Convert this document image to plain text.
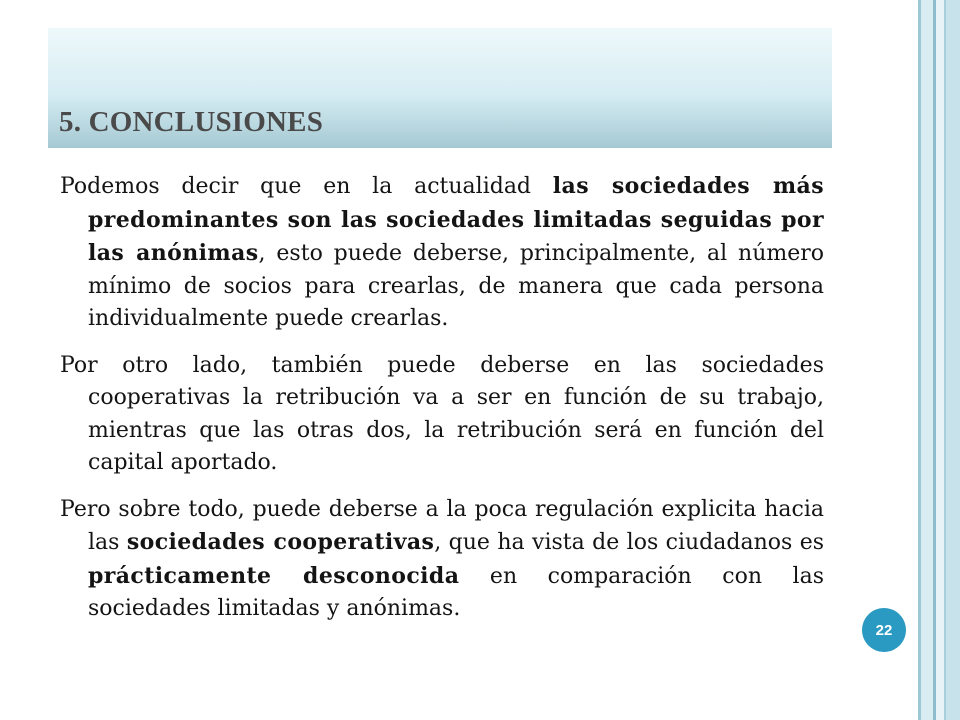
5. CONCLUSIONES

Podemos decir que en la actualidad las sociedades más predominantes son las sociedades limitadas seguidas por las anónimas, esto puede deberse, principalmente, al número mínimo de socios para crearlas, de manera que cada persona individualmente puede crearlas.

Por otro lado, también puede deberse en las sociedades cooperativas la retribución va a ser en función de su trabajo, mientras que las otras dos, la retribución será en función del capital aportado.

Pero sobre todo, puede deberse a la poca regulación explicita hacia las sociedades cooperativas, que ha vista de los ciudadanos es prácticamente desconocida en comparación con las sociedades limitadas y anónimas.

22
